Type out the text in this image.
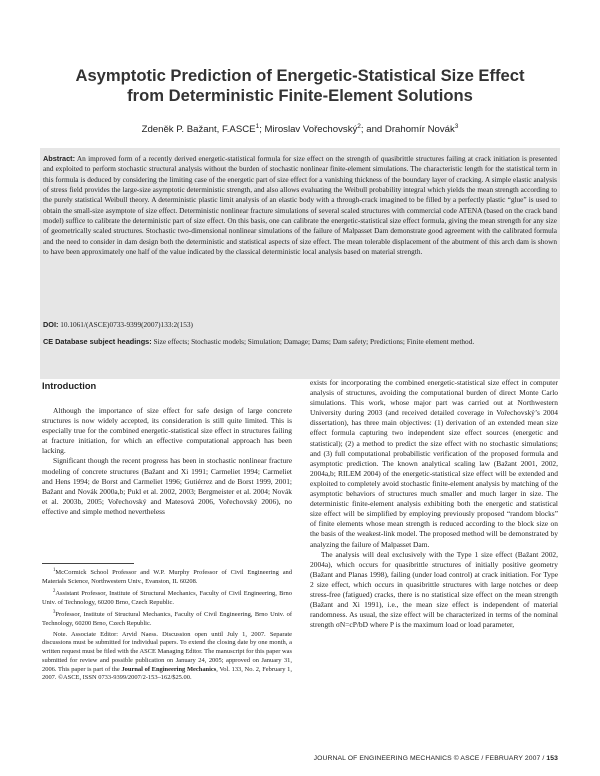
Asymptotic Prediction of Energetic-Statistical Size Effect
from Deterministic Finite-Element Solutions
Zdeněk P. Bažant, F.ASCE$^1$; Miroslav Vořechovský$^2$; and Drahomír Novák$^3$
Abstract: An improved form of a recently derived energetic-statistical formula for size effect on the strength of quasibrittle structures failing at crack initiation is presented and exploited to perform stochastic structural analysis without the burden of stochastic nonlinear finite-element simulations. The characteristic length for the statistical term in this formula is deduced by considering the limiting case of the energetic part of size effect for a vanishing thickness of the boundary layer of cracking. A simple elastic analysis of stress field provides the large-size asymptotic deterministic strength, and also allows evaluating the Weibull probability integral which yields the mean strength according to the purely statistical Weibull theory. A deterministic plastic limit analysis of an elastic body with a through-crack imagined to be filled by a perfectly plastic “glue” is used to obtain the small-size asymptote of size effect. Deterministic nonlinear fracture simulations of several scaled structures with commercial code ATENA (based on the crack band model) suffice to calibrate the deterministic part of size effect. On this basis, one can calibrate the energetic-statistical size effect formula, giving the mean strength for any size of geometrically scaled structures. Stochastic two-dimensional nonlinear simulations of the failure of Malpasset Dam demonstrate good agreement with the calibrated formula and the need to consider in dam design both the deterministic and statistical aspects of size effect. The mean tolerable displacement of the abutment of this arch dam is shown to have been approximately one half of the value indicated by the classical deterministic local analysis based on material strength.
DOI: 10.1061/(ASCE)0733-9399(2007)133:2(153)
CE Database subject headings: Size effects; Stochastic models; Simulation; Damage; Dams; Dam safety; Predictions; Finite element method.
Introduction

Although the importance of size effect for safe design of large concrete structures is now widely accepted, its consideration is still quite limited. This is especially true for the combined energetic-statistical size effect in structures failing at fracture initiation, for which an effective computational approach has been lacking.

Significant though the recent progress has been in stochastic nonlinear fracture modeling of concrete structures (Bažant and Xi 1991; Carmeliet 1994; Carmeliet and Hens 1994; de Borst and Carmeliet 1996; Gutiérrez and de Borst 1999, 2001; Bažant and Novák 2000a,b; Pukl et al. 2002, 2003; Bergmeister et al. 2004; Novák et al. 2003b, 2005; Vořechovský and Matesová 2006, Vořechovský 2006), no effective and simple method nevertheless

$^1$McCormick School Professor and W.P. Murphy Professor of Civil Engineering and Materials Science, Northwestern Univ., Evanston, IL 60208.

$^2$Assistant Professor, Institute of Structural Mechanics, Faculty of Civil Engineering, Brno Univ. of Technology, 60200 Brno, Czech Republic.

$^3$Professor, Institute of Structural Mechanics, Faculty of Civil Engineering, Brno Univ. of Technology, 60200 Brno, Czech Republic.

Note. Associate Editor: Arvid Naess. Discussion open until July 1, 2007. Separate discussions must be submitted for individual papers. To extend the closing date by one month, a written request must be filed with the ASCE Managing Editor. The manuscript for this paper was submitted for review and possible publication on January 24, 2005; approved on January 31, 2006. This paper is part of the Journal of Engineering Mechanics, Vol. 133, No. 2, February 1, 2007. ©ASCE, ISSN 0733-9399/2007/2-153–162/$25.00.

exists for incorporating the combined energetic-statistical size effect in computer analysis of structures, avoiding the computational burden of direct Monte Carlo simulations. This work, whose major part was carried out at Northwestern University during 2003 (and received detailed coverage in Vořechovský’s 2004 dissertation), has three main objectives: (1) derivation of an extended mean size effect formula capturing two independent size effect sources (energetic and statistical); (2) a method to predict the size effect with no stochastic simulations; and (3) full computational probabilistic verification of the proposed formula and asymptotic prediction. The known analytical scaling law (Bažant 2001, 2002, 2004a,b; RILEM 2004) of the energetic-statistical size effect will be extended and exploited to completely avoid stochastic finite-element analysis by matching of the asymptotic behaviors of structures much smaller and much larger in size. The deterministic finite-element analysis exhibiting both the energetic and statistical size effect will be simplified by employing previously proposed “random blocks” of finite elements whose mean strength is reduced according to the block size on the basis of the weakest-link model. The proposed method will be demonstrated by analyzing the failure of Malpasset Dam.

The analysis will deal exclusively with the Type 1 size effect (Bažant 2002, 2004a), which occurs for quasibrittle structures of initially positive geometry (Bažant and Planas 1998), failing (under load control) at crack initiation. For Type 2 size effect, which occurs in quasibrittle structures with large notches or deep stress-free (fatigued) cracks, there is no statistical size effect on the mean strength (Bažant and Xi 1991), i.e., the mean size effect is independent of material randomness. As usual, the size effect will be characterized in terms of the nominal strength σN=cP/bD where P is the maximum load or load parameter,

JOURNAL OF ENGINEERING MECHANICS © ASCE / FEBRUARY 2007 / 153
